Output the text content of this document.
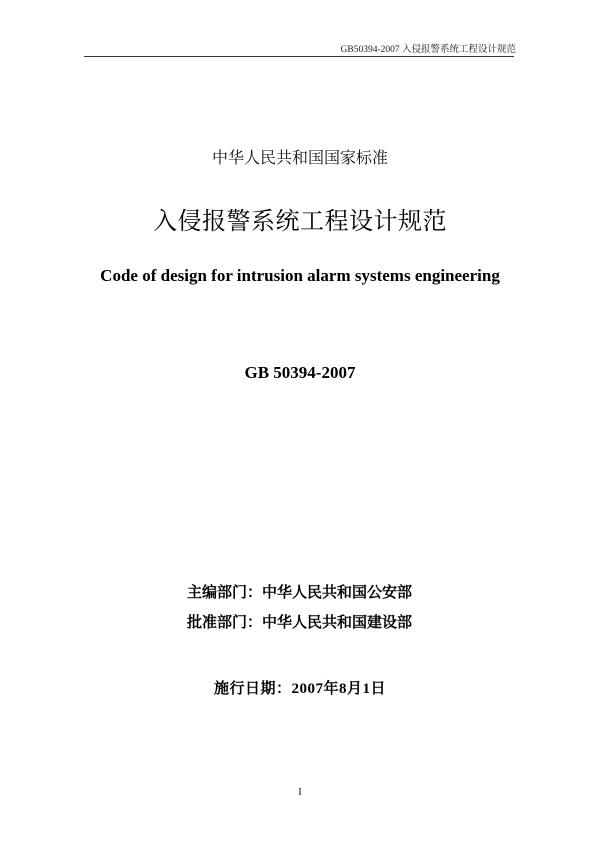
GB50394-2007 入侵报警系统工程设计规范
中华人民共和国国家标准
入侵报警系统工程设计规范
Code of design for intrusion alarm systems engineering
GB 50394-2007
主编部门：中华人民共和国公安部
批准部门：中华人民共和国建设部
施行日期：2007年8月1日
I
